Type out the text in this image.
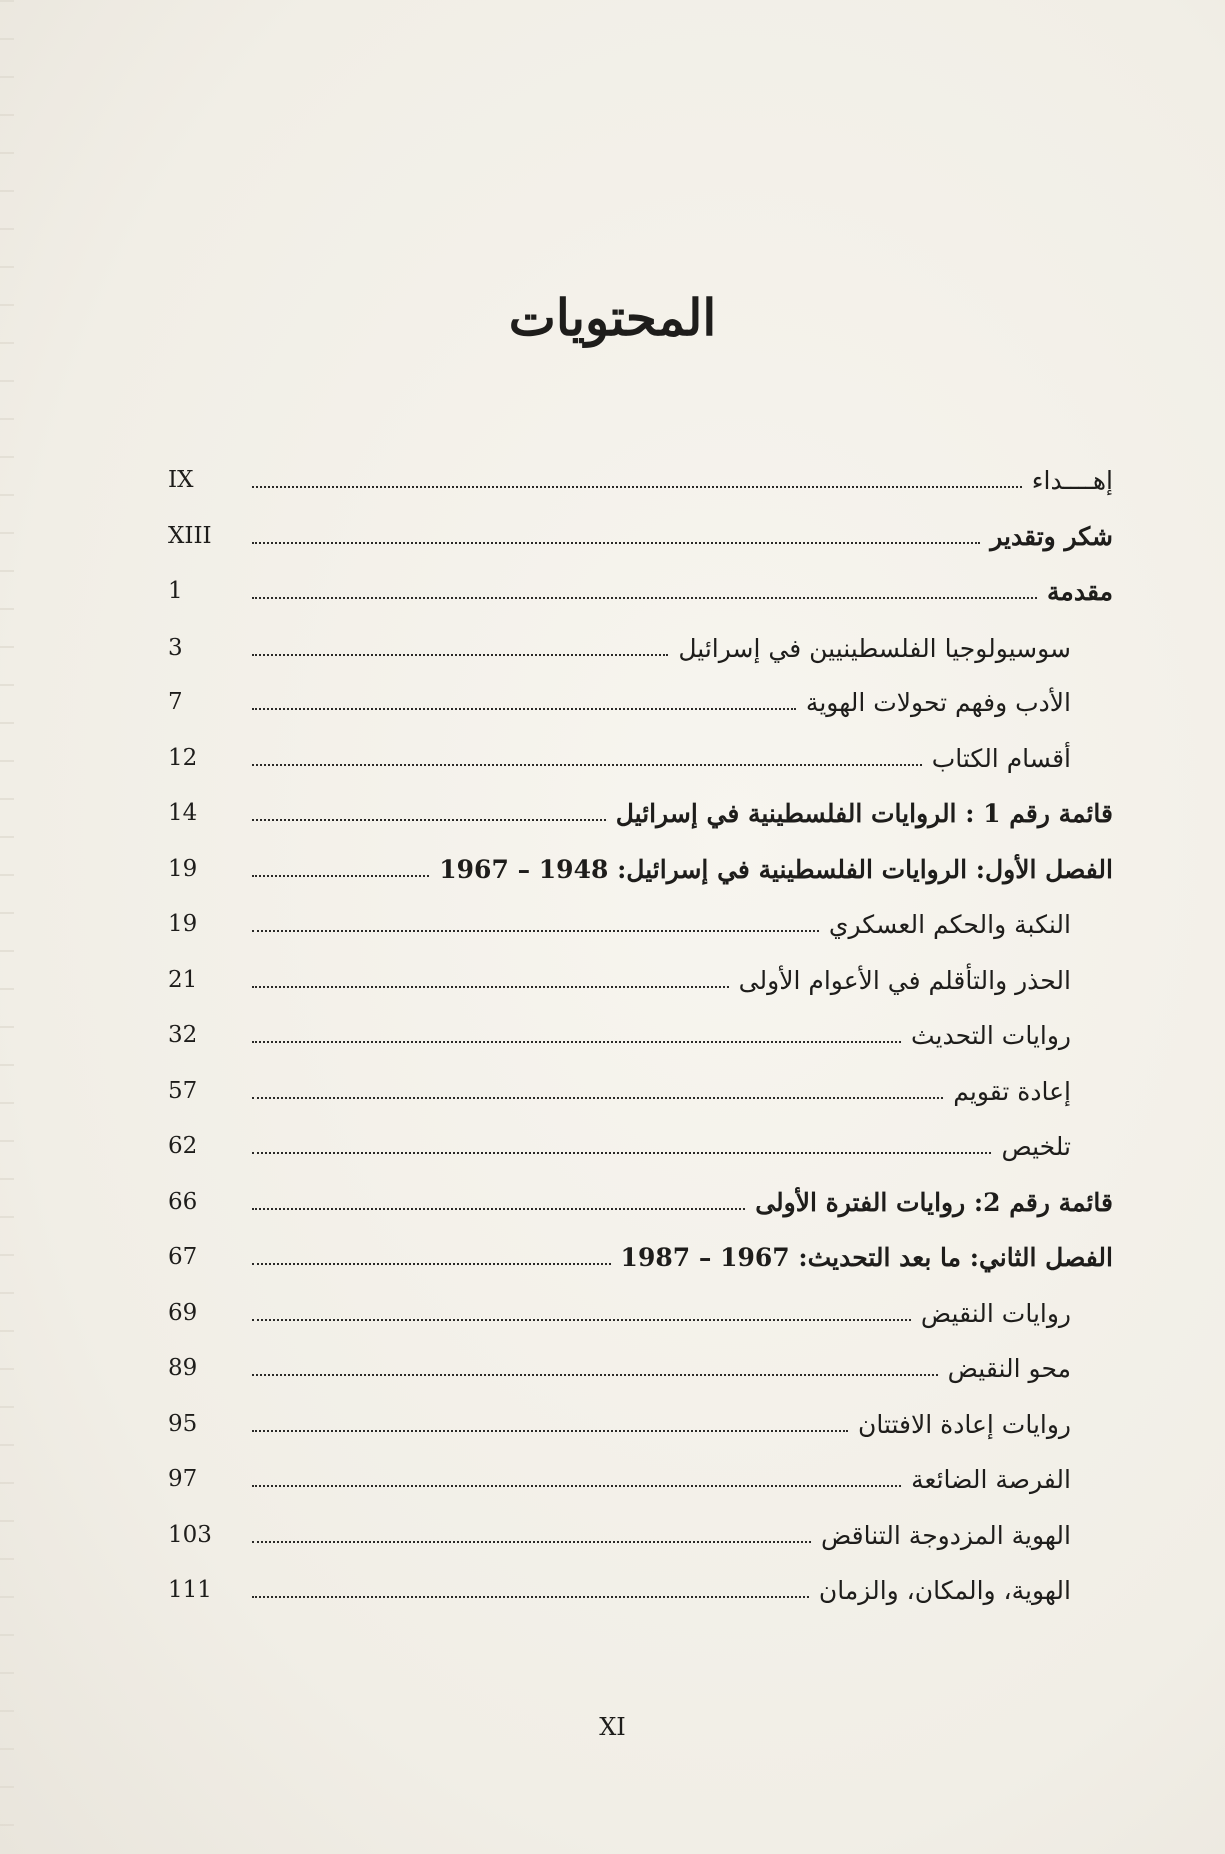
المحتويات
إهــــداء
IX
شكر وتقدير
XIII
مقدمة
1
سوسيولوجيا الفلسطينيين في إسرائيل
3
الأدب وفهم تحولات الهوية
7
أقسام الكتاب
12
قائمة رقم 1 : الروايات الفلسطينية في إسرائيل
14
الفصل الأول: الروايات الفلسطينية في إسرائيل: 1948 – 1967
19
النكبة والحكم العسكري
19
الحذر والتأقلم في الأعوام الأولى
21
روايات التحديث
32
إعادة تقويم
57
تلخيص
62
قائمة رقم 2: روايات الفترة الأولى
66
الفصل الثاني: ما بعد التحديث: 1967 – 1987
67
روايات النقيض
69
محو النقيض
89
روايات إعادة الافتتان
95
الفرصة الضائعة
97
الهوية المزدوجة التناقض
103
الهوية، والمكان، والزمان
111
XI
